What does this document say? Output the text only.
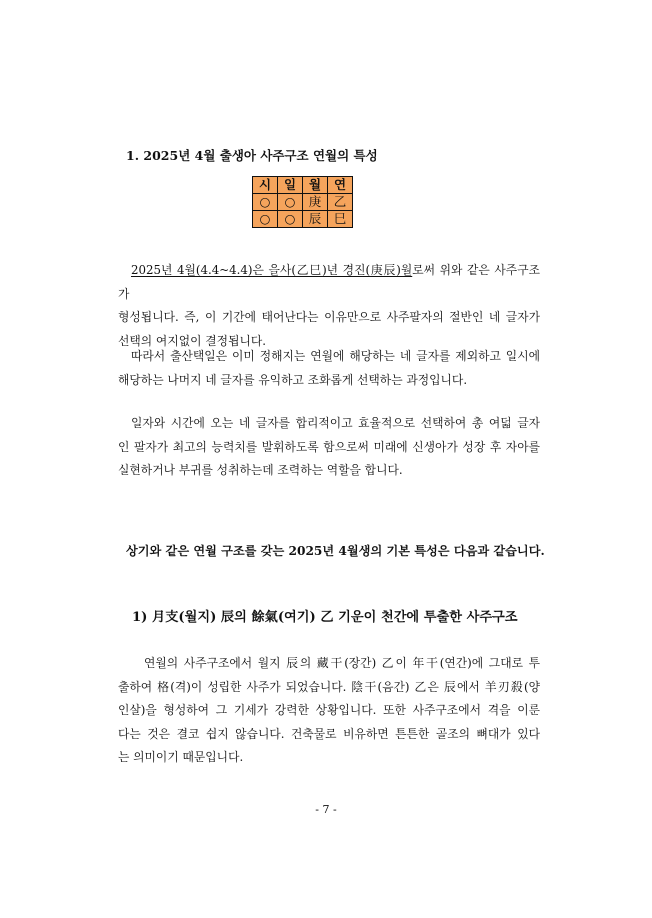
1. 2025년 4월 출생아 사주구조 연월의 특성
시	일	월	연
○	○	庚	乙
○	○	辰	巳
2025년 4월(4.4~4.4)은 을사(乙巳)년 경진(庚辰)월로써 위와 같은 사주구조가
형성됩니다. 즉, 이 기간에 태어난다는 이유만으로 사주팔자의 절반인 네 글자가
선택의 여지없이 결정됩니다.
따라서 출산택일은 이미 정해지는 연월에 해당하는 네 글자를 제외하고 일시에
해당하는 나머지 네 글자를 유익하고 조화롭게 선택하는 과정입니다.
일자와 시간에 오는 네 글자를 합리적이고 효율적으로 선택하여 총 여덟 글자
인 팔자가 최고의 능력치를 발휘하도록 함으로써 미래에 신생아가 성장 후 자아를
실현하거나 부귀를 성취하는데 조력하는 역할을 합니다.
상기와 같은 연월 구조를 갖는 2025년 4월생의 기본 특성은 다음과 같습니다.
1) 月支(월지) 辰의 餘氣(여기) 乙 기운이 천간에 투출한 사주구조
연월의 사주구조에서 월지 辰의 藏干(장간) 乙이 年干(연간)에 그대로 투
출하여 格(격)이 성립한 사주가 되었습니다. 陰干(음간) 乙은 辰에서 羊刃殺(양
인살)을 형성하여 그 기세가 강력한 상황입니다. 또한 사주구조에서 격을 이룬
다는 것은 결코 쉽지 않습니다. 건축물로 비유하면 튼튼한 골조의 뼈대가 있다
는 의미이기 때문입니다.
- 7 -
